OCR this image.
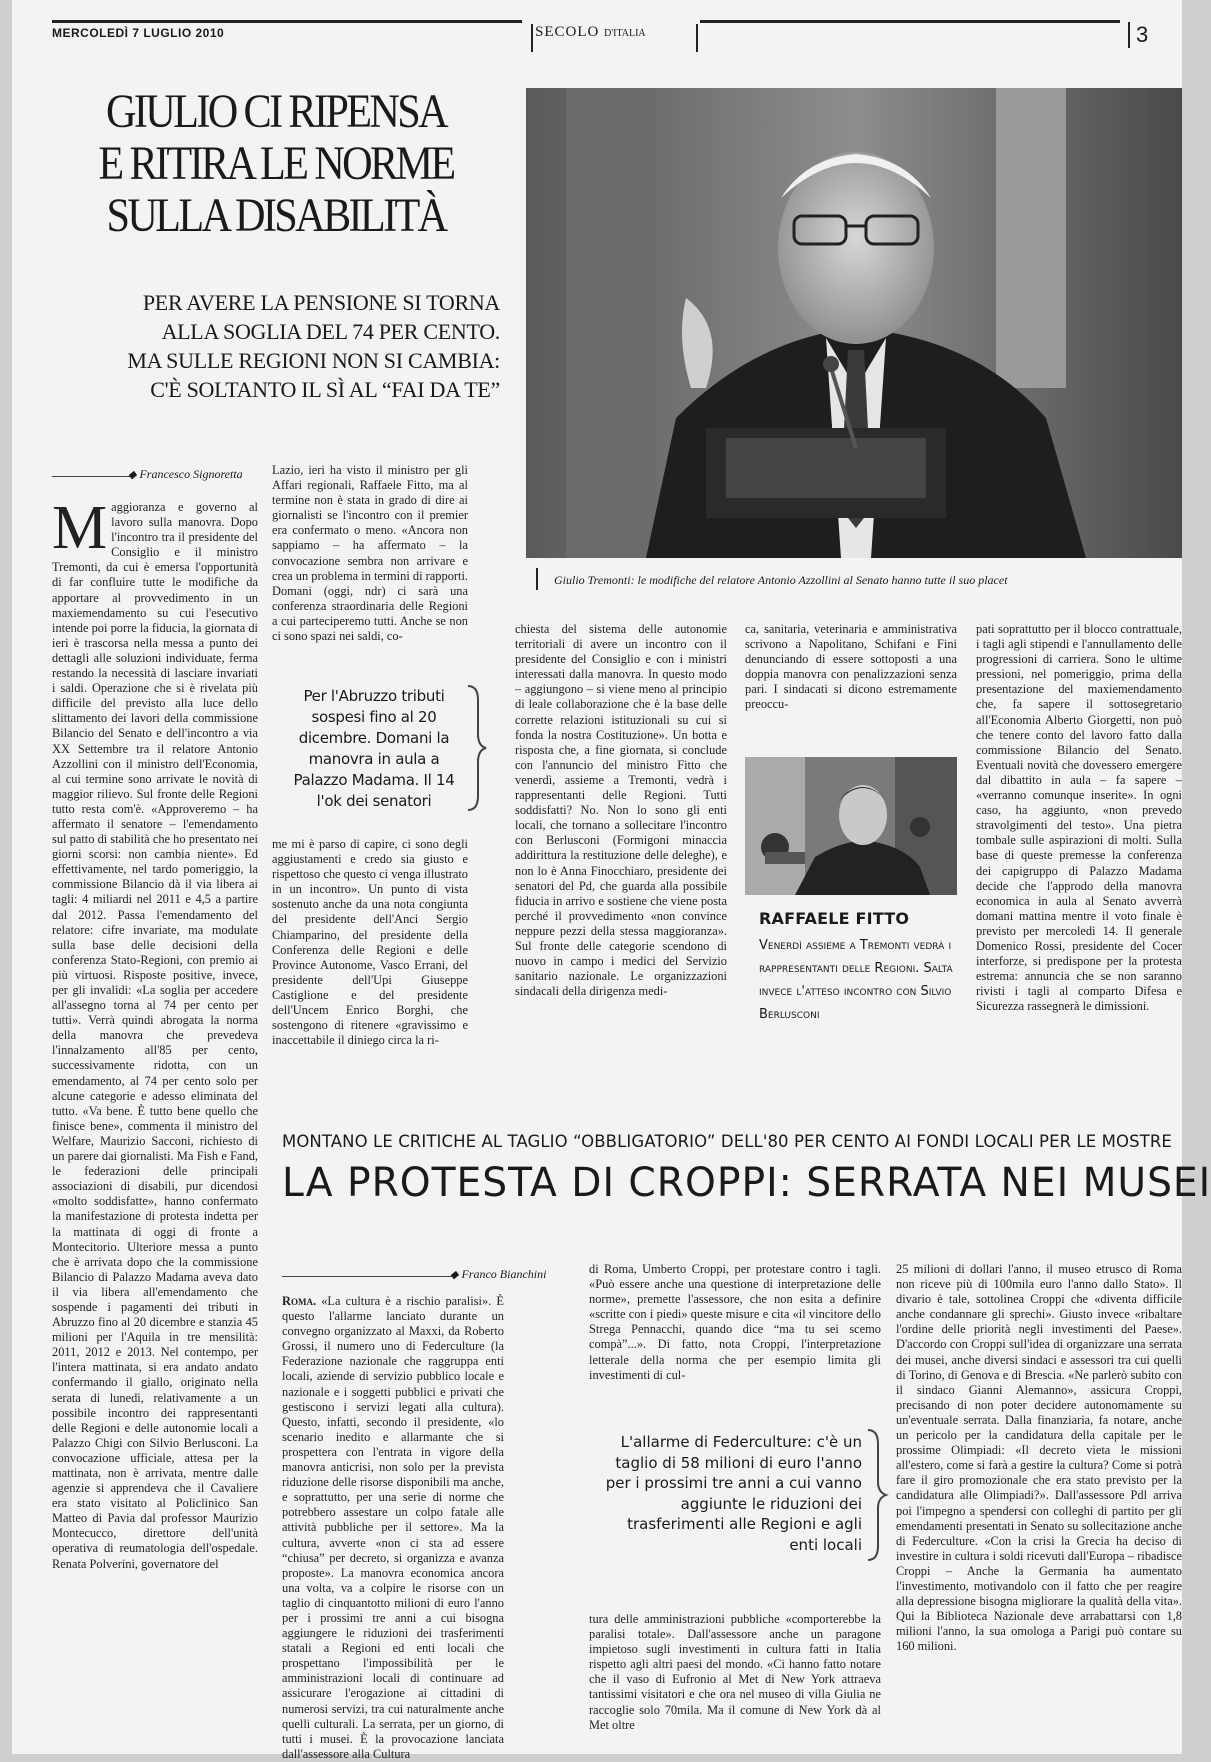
MERCOLEDÌ 7 LUGLIO 2010	SECOLO D'ITALIA	3
GIULIO CI RIPENSA
E RITIRA LE NORME
SULLA DISABILITÀ

PER AVERE LA PENSIONE SI TORNA
ALLA SOGLIA DEL 74 PER CENTO.
MA SULLE REGIONI NON SI CAMBIA:
C'È SOLTANTO IL SÌ AL “FAI DA TE”

Giulio Tremonti: le modifiche del relatore Antonio Azzollini al Senato hanno tutte il suo placet
◆ Francesco Signoretta
Maggioranza e governo al lavoro sulla manovra. Dopo l'incontro tra il presidente del Consiglio e il ministro Tremonti, da cui è emersa l'opportunità di far confluire tutte le modifiche da apportare al provvedimento in un maxiemendamento su cui l'esecutivo intende poi porre la fiducia, la giornata di ieri è trascorsa nella messa a punto dei dettagli alle soluzioni individuate, ferma restando la necessità di lasciare invariati i saldi. Operazione che si è rivelata più difficile del previsto alla luce dello slittamento dei lavori della commissione Bilancio del Senato e dell'incontro a via XX Settembre tra il relatore Antonio Azzollini con il ministro dell'Economia, al cui termine sono arrivate le novità di maggior rilievo. Sul fronte delle Regioni tutto resta com'è. «Approveremo – ha affermato il senatore – l'emendamento sul patto di stabilità che ho presentato nei giorni scorsi: non cambia niente». Ed effettivamente, nel tardo pomeriggio, la commissione Bilancio dà il via libera ai tagli: 4 miliardi nel 2011 e 4,5 a partire dal 2012. Passa l'emendamento del relatore: cifre invariate, ma modulate sulla base delle decisioni della conferenza Stato-Regioni, con premio ai più virtuosi. Risposte positive, invece, per gli invalidi: «La soglia per accedere all'assegno torna al 74 per cento per tutti». Verrà quindi abrogata la norma della manovra che prevedeva l'innalzamento all'85 per cento, successivamente ridotta, con un emendamento, al 74 per cento solo per alcune categorie e adesso eliminata del tutto. «Va bene. È tutto bene quello che finisce bene», commenta il ministro del Welfare, Maurizio Sacconi, richiesto di un parere dai giornalisti. Ma Fish e Fand, le federazioni delle principali associazioni di disabili, pur dicendosi «molto soddisfatte», hanno confermato la manifestazione di protesta indetta per la mattinata di oggi di fronte a Montecitorio. Ulteriore messa a punto che è arrivata dopo che la commissione Bilancio di Palazzo Madama aveva dato il via libera all'emendamento che sospende i pagamenti dei tributi in Abruzzo fino al 20 dicembre e stanzia 45 milioni per l'Aquila in tre mensilità: 2011, 2012 e 2013. Nel contempo, per l'intera mattinata, si era andato andato confermando il giallo, originato nella serata di lunedì, relativamente a un possibile incontro dei rappresentanti delle Regioni e delle autonomie locali a Palazzo Chigi con Silvio Berlusconi. La convocazione ufficiale, attesa per la mattinata, non è arrivata, mentre dalle agenzie si apprendeva che il Cavaliere era stato visitato al Policlinico San Matteo di Pavia dal professor Maurizio Montecucco, direttore dell'unità operativa di reumatologia dell'ospedale. Renata Polverini, governatore del
Lazio, ieri ha visto il ministro per gli Affari regionali, Raffaele Fitto, ma al termine non è stata in grado di dire ai giornalisti se l'incontro con il premier era confermato o meno. «Ancora non sappiamo – ha affermato – la convocazione sembra non arrivare e crea un problema in termini di rapporti. Domani (oggi, ndr) ci sarà una conferenza straordinaria delle Regioni a cui parteciperemo tutti. Anche se non ci sono spazi nei saldi, co-
Per l'Abruzzo tributi sospesi fino al 20 dicembre. Domani la manovra in aula a Palazzo Madama. Il 14 l'ok dei senatori
me mi è parso di capire, ci sono degli aggiustamenti e credo sia giusto e rispettoso che questo ci venga illustrato in un incontro». Un punto di vista sostenuto anche da una nota congiunta del presidente dell'Anci Sergio Chiamparino, del presidente della Conferenza delle Regioni e delle Province Autonome, Vasco Errani, del presidente dell'Upi Giuseppe Castiglione e del presidente dell'Uncem Enrico Borghi, che sostengono di ritenere «gravissimo e inaccettabile il diniego circa la ri-
chiesta del sistema delle autonomie territoriali di avere un incontro con il presidente del Consiglio e con i ministri interessati dalla manovra. In questo modo – aggiungono – si viene meno al principio di leale collaborazione che è la base delle corrette relazioni istituzionali su cui si fonda la nostra Costituzione». Un botta e risposta che, a fine giornata, si conclude con l'annuncio del ministro Fitto che venerdì, assieme a Tremonti, vedrà i rappresentanti delle Regioni. Tutti soddisfatti? No. Non lo sono gli enti locali, che tornano a sollecitare l'incontro con Berlusconi (Formigoni minaccia addirittura la restituzione delle deleghe), e non lo è Anna Finocchiaro, presidente dei senatori del Pd, che guarda alla possibile fiducia in arrivo e sostiene che viene posta perché il provvedimento «non convince neppure pezzi della stessa maggioranza». Sul fronte delle categorie scendono di nuovo in campo i medici del Servizio sanitario nazionale. Le organizzazioni sindacali della dirigenza medi-
ca, sanitaria, veterinaria e amministrativa scrivono a Napolitano, Schifani e Fini denunciando di essere sottoposti a una doppia manovra con penalizzazioni senza pari. I sindacati si dicono estremamente preoccu-
RAFFAELE FITTO
Venerdì assieme a Tremonti vedrà i rappresentanti delle Regioni. Salta invece l'atteso incontro con Silvio Berlusconi
pati soprattutto per il blocco contrattuale, i tagli agli stipendi e l'annullamento delle progressioni di carriera. Sono le ultime pressioni, nel pomeriggio, prima della presentazione del maxiemendamento che, fa sapere il sottosegretario all'Economia Alberto Giorgetti, non può che tenere conto del lavoro fatto dalla commissione Bilancio del Senato. Eventuali novità che dovessero emergere dal dibattito in aula – fa sapere – «verranno comunque inserite». In ogni caso, ha aggiunto, «non prevedo stravolgimenti del testo». Una pietra tombale sulle aspirazioni di molti. Sulla base di queste premesse la conferenza dei capigruppo di Palazzo Madama decide che l'approdo della manovra economica in aula al Senato avverrà domani mattina mentre il voto finale è previsto per mercoledì 14. Il generale Domenico Rossi, presidente del Cocer interforze, si predispone per la protesta estrema: annuncia che se non saranno rivisti i tagli al comparto Difesa e Sicurezza rassegnerà le dimissioni.
MONTANO LE CRITICHE AL TAGLIO “OBBLIGATORIO” DELL'80 PER CENTO AI FONDI LOCALI PER LE MOSTRE
LA PROTESTA DI CROPPI: SERRATA NEI MUSEI
◆ Franco Bianchini
Roma. «La cultura è a rischio paralisi». È questo l'allarme lanciato durante un convegno organizzato al Maxxi, da Roberto Grossi, il numero uno di Federculture (la Federazione nazionale che raggruppa enti locali, aziende di servizio pubblico locale e nazionale e i soggetti pubblici e privati che gestiscono i servizi legati alla cultura). Questo, infatti, secondo il presidente, «lo scenario inedito e allarmante che si prospettera con l'entrata in vigore della manovra anticrisi, non solo per la prevista riduzione delle risorse disponibili ma anche, e soprattutto, per una serie di norme che potrebbero assestare un colpo fatale alle attività pubbliche per il settore». Ma la cultura, avverte «non ci sta ad essere “chiusa” per decreto, si organizza e avanza proposte». La manovra economica ancora una volta, va a colpire le risorse con un taglio di cinquantotto milioni di euro l'anno per i prossimi tre anni a cui bisogna aggiungere le riduzioni dei trasferimenti statali a Regioni ed enti locali che prospettano l'impossibilità per le amministrazioni locali di continuare ad assicurare l'erogazione ai cittadini di numerosi servizi, tra cui naturalmente anche quelli culturali. La serrata, per un giorno, di tutti i musei. È la provocazione lanciata dall'assessore alla Cultura
di Roma, Umberto Croppi, per protestare contro i tagli. «Può essere anche una questione di interpretazione delle norme», premette l'assessore, che non esita a definire «scritte con i piedi» queste misure e cita «il vincitore dello Strega Pennacchi, quando dice “ma tu sei scemo compà”...». Di fatto, nota Croppi, l'interpretazione letterale della norma che per esempio limita gli investimenti di cul-
L'allarme di Federculture: c'è un taglio di 58 milioni di euro l'anno per i prossimi tre anni a cui vanno aggiunte le riduzioni dei trasferimenti alle Regioni e agli enti locali
tura delle amministrazioni pubbliche «comporterebbe la paralisi totale». Dall'assessore anche un paragone impietoso sugli investimenti in cultura fatti in Italia rispetto agli altri paesi del mondo. «Ci hanno fatto notare che il vaso di Eufronio al Met di New York attraeva tantissimi visitatori e che ora nel museo di villa Giulia ne raccoglie solo 70mila. Ma il comune di New York dà al Met oltre
25 milioni di dollari l'anno, il museo etrusco di Roma non riceve più di 100mila euro l'anno dallo Stato». Il divario è tale, sottolinea Croppi che «diventa difficile anche condannare gli sprechi». Giusto invece «ribaltare l'ordine delle priorità negli investimenti del Paese». D'accordo con Croppi sull'idea di organizzare una serrata dei musei, anche diversi sindaci e assessori tra cui quelli di Torino, di Genova e di Brescia. «Ne parlerò subito con il sindaco Gianni Alemanno», assicura Croppi, precisando di non poter decidere autonomamente su un'eventuale serrata. Dalla finanziaria, fa notare, anche un pericolo per la candidatura della capitale per le prossime Olimpiadi: «Il decreto vieta le missioni all'estero, come si farà a gestire la cultura? Come si potrà fare il giro promozionale che era stato previsto per la candidatura alle Olimpiadi?». Dall'assessore Pdl arriva poi l'impegno a spendersi con colleghi di partito per gli emendamenti presentati in Senato su sollecitazione anche di Federculture. «Con la crisi la Grecia ha deciso di investire in cultura i soldi ricevuti dall'Europa – ribadisce Croppi – Anche la Germania ha aumentato l'investimento, motivandolo con il fatto che per reagire alla depressione bisogna migliorare la qualità della vita». Qui la Biblioteca Nazionale deve arrabattarsi con 1,8 milioni l'anno, la sua omologa a Parigi può contare su 160 milioni.
